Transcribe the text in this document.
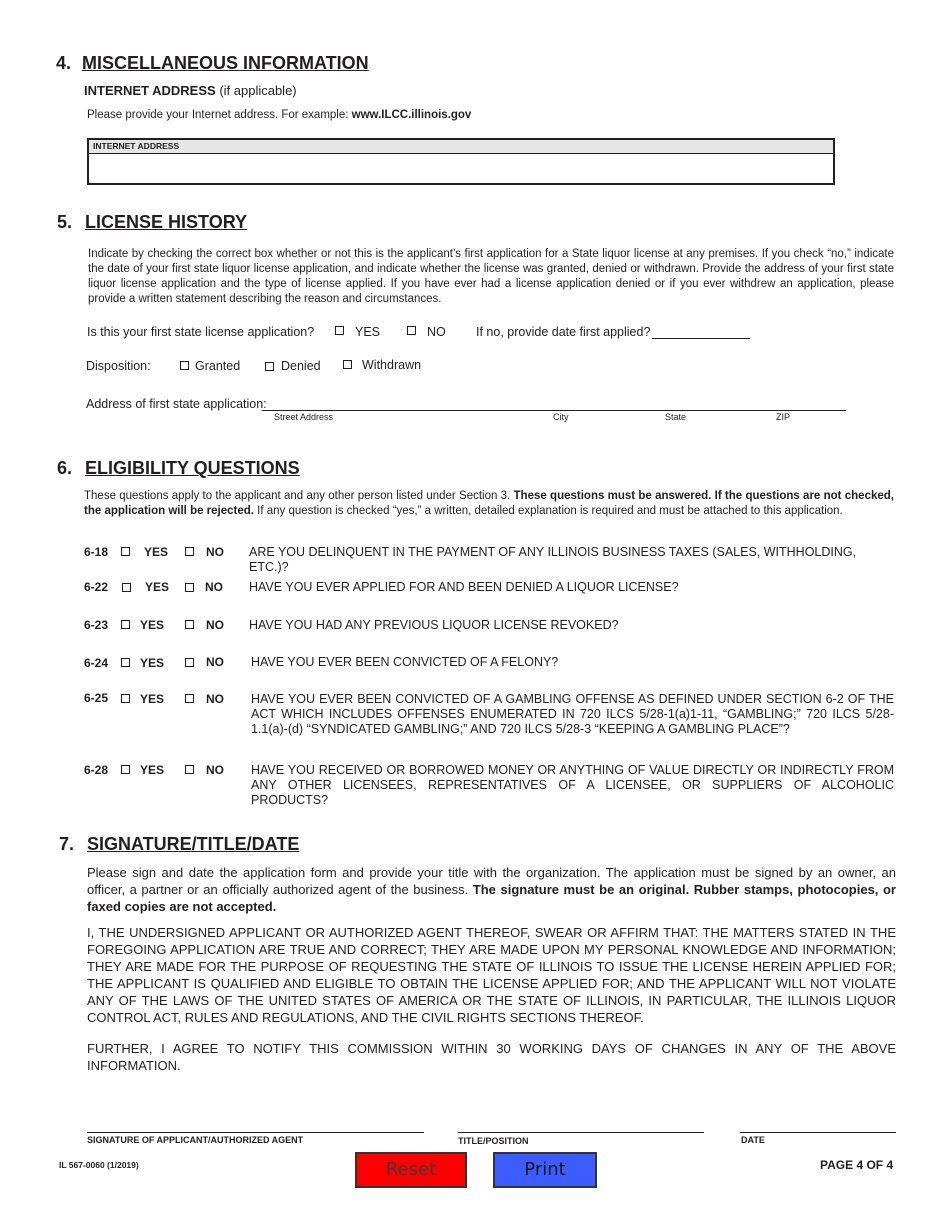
4. MISCELLANEOUS INFORMATION
INTERNET ADDRESS (if applicable)
Please provide your Internet address. For example: www.ILCC.illinois.gov
INTERNET ADDRESS
5. LICENSE HISTORY
Indicate by checking the correct box whether or not this is the applicant’s first application for a State liquor license at any premises. If you check “no,” indicate the date of your first state liquor license application, and indicate whether the license was granted, denied or withdrawn. Provide the address of your first state liquor license application and the type of license applied. If you have ever had a license application denied or if you ever withdrew an application, please provide a written statement describing the reason and circumstances.
Is this your first state license application?	YES	NO If no, provide date first applied?
Disposition:	Granted	Denied	Withdrawn
Address of first state application:
Street Address	City	State	ZIP
6. ELIGIBILITY QUESTIONS
These questions apply to the applicant and any other person listed under Section 3. These questions must be answered. If the questions are not checked, the application will be rejected. If any question is checked “yes,” a written, detailed explanation is required and must be attached to this application.
6-18	YES	NO ARE YOU DELINQUENT IN THE PAYMENT OF ANY ILLINOIS BUSINESS TAXES (SALES, WITHHOLDING, ETC.)?
6-22	YES	NO HAVE YOU EVER APPLIED FOR AND BEEN DENIED A LIQUOR LICENSE?
6-23	YES	NO HAVE YOU HAD ANY PREVIOUS LIQUOR LICENSE REVOKED?
6-24	YES	NO HAVE YOU EVER BEEN CONVICTED OF A FELONY?
6-25	YES	NO HAVE YOU EVER BEEN CONVICTED OF A GAMBLING OFFENSE AS DEFINED UNDER SECTION 6-2 OF THE ACT WHICH INCLUDES OFFENSES ENUMERATED IN 720 ILCS 5/28-1(a)1-11, “GAMBLING;” 720 ILCS 5/28-1.1(a)-(d) “SYNDICATED GAMBLING;” AND 720 ILCS 5/28-3 “KEEPING A GAMBLING PLACE”?
6-28	YES	NO HAVE YOU RECEIVED OR BORROWED MONEY OR ANYTHING OF VALUE DIRECTLY OR INDIRECTLY FROM ANY OTHER LICENSEES, REPRESENTATIVES OF A LICENSEE, OR SUPPLIERS OF ALCOHOLIC PRODUCTS?
7. SIGNATURE/TITLE/DATE

Please sign and date the application form and provide your title with the organization. The application must be signed by an owner, an officer, a partner or an officially authorized agent of the business. The signature must be an original. Rubber stamps, photocopies, or faxed copies are not accepted.

I, THE UNDERSIGNED APPLICANT OR AUTHORIZED AGENT THEREOF, SWEAR OR AFFIRM THAT: THE MATTERS STATED IN THE FOREGOING APPLICATION ARE TRUE AND CORRECT; THEY ARE MADE UPON MY PERSONAL KNOWLEDGE AND INFORMATION; THEY ARE MADE FOR THE PURPOSE OF REQUESTING THE STATE OF ILLINOIS TO ISSUE THE LICENSE HEREIN APPLIED FOR; THE APPLICANT IS QUALIFIED AND ELIGIBLE TO OBTAIN THE LICENSE APPLIED FOR; AND THE APPLICANT WILL NOT VIOLATE ANY OF THE LAWS OF THE UNITED STATES OF AMERICA OR THE STATE OF ILLINOIS, IN PARTICULAR, THE ILLINOIS LIQUOR CONTROL ACT, RULES AND REGULATIONS, AND THE CIVIL RIGHTS SECTIONS THEREOF.

FURTHER, I AGREE TO NOTIFY THIS COMMISSION WITHIN 30 WORKING DAYS OF CHANGES IN ANY OF THE ABOVE INFORMATION.

SIGNATURE OF APPLICANT/AUTHORIZED AGENT	TITLE/POSITION	DATE
IL 567-0060 (1/2019)	Reset	Print	PAGE 4 OF 4
